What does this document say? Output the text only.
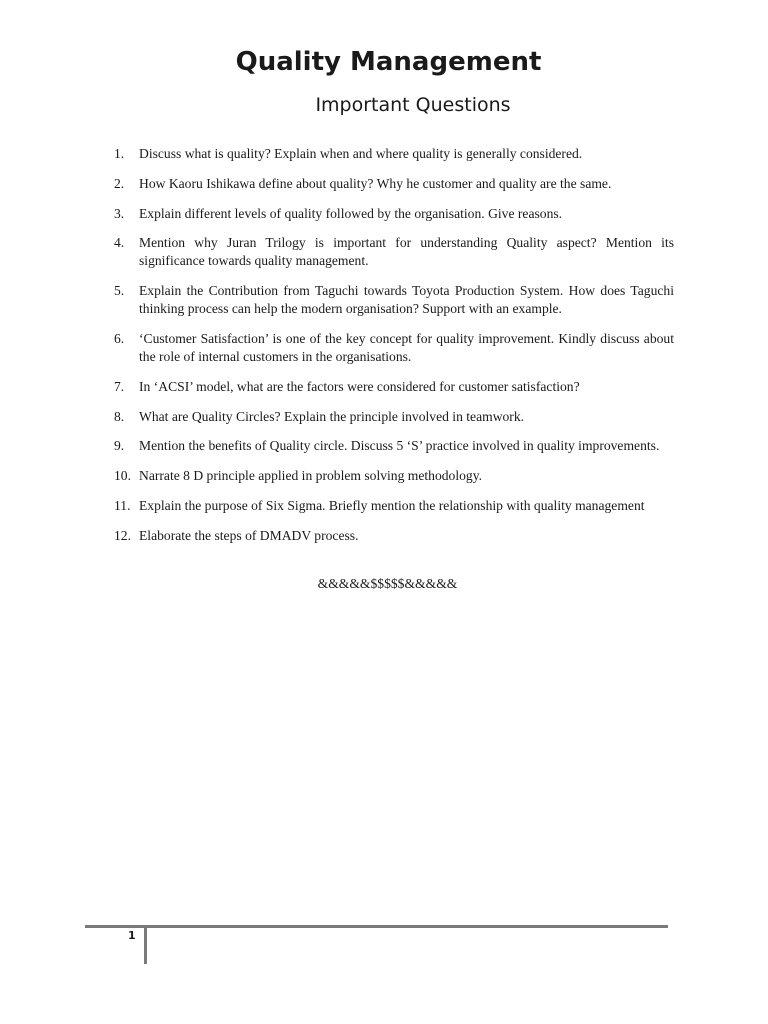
Quality Management
Important Questions
1.	Discuss what is quality? Explain when and where quality is generally considered.
2.	How Kaoru Ishikawa define about quality? Why he customer and quality are the same.
3.	Explain different levels of quality followed by the organisation. Give reasons.
4.	Mention why Juran Trilogy is important for understanding Quality aspect? Mention its significance towards quality management.
5.	Explain the Contribution from Taguchi towards Toyota Production System. How does Taguchi thinking process can help the modern organisation? Support with an example.
6.	‘Customer Satisfaction’ is one of the key concept for quality improvement. Kindly discuss about the role of internal customers in the organisations.
7.	In ‘ACSI’ model, what are the factors were considered for customer satisfaction?
8.	What are Quality Circles? Explain the principle involved in teamwork.
9.	Mention the benefits of Quality circle. Discuss 5 ‘S’ practice involved in quality improvements.
10. Narrate 8 D principle applied in problem solving methodology.
11. Explain the purpose of Six Sigma. Briefly mention the relationship with quality management
12. Elaborate the steps of DMADV process.

&&&&&$$$$$&&&&&

1
